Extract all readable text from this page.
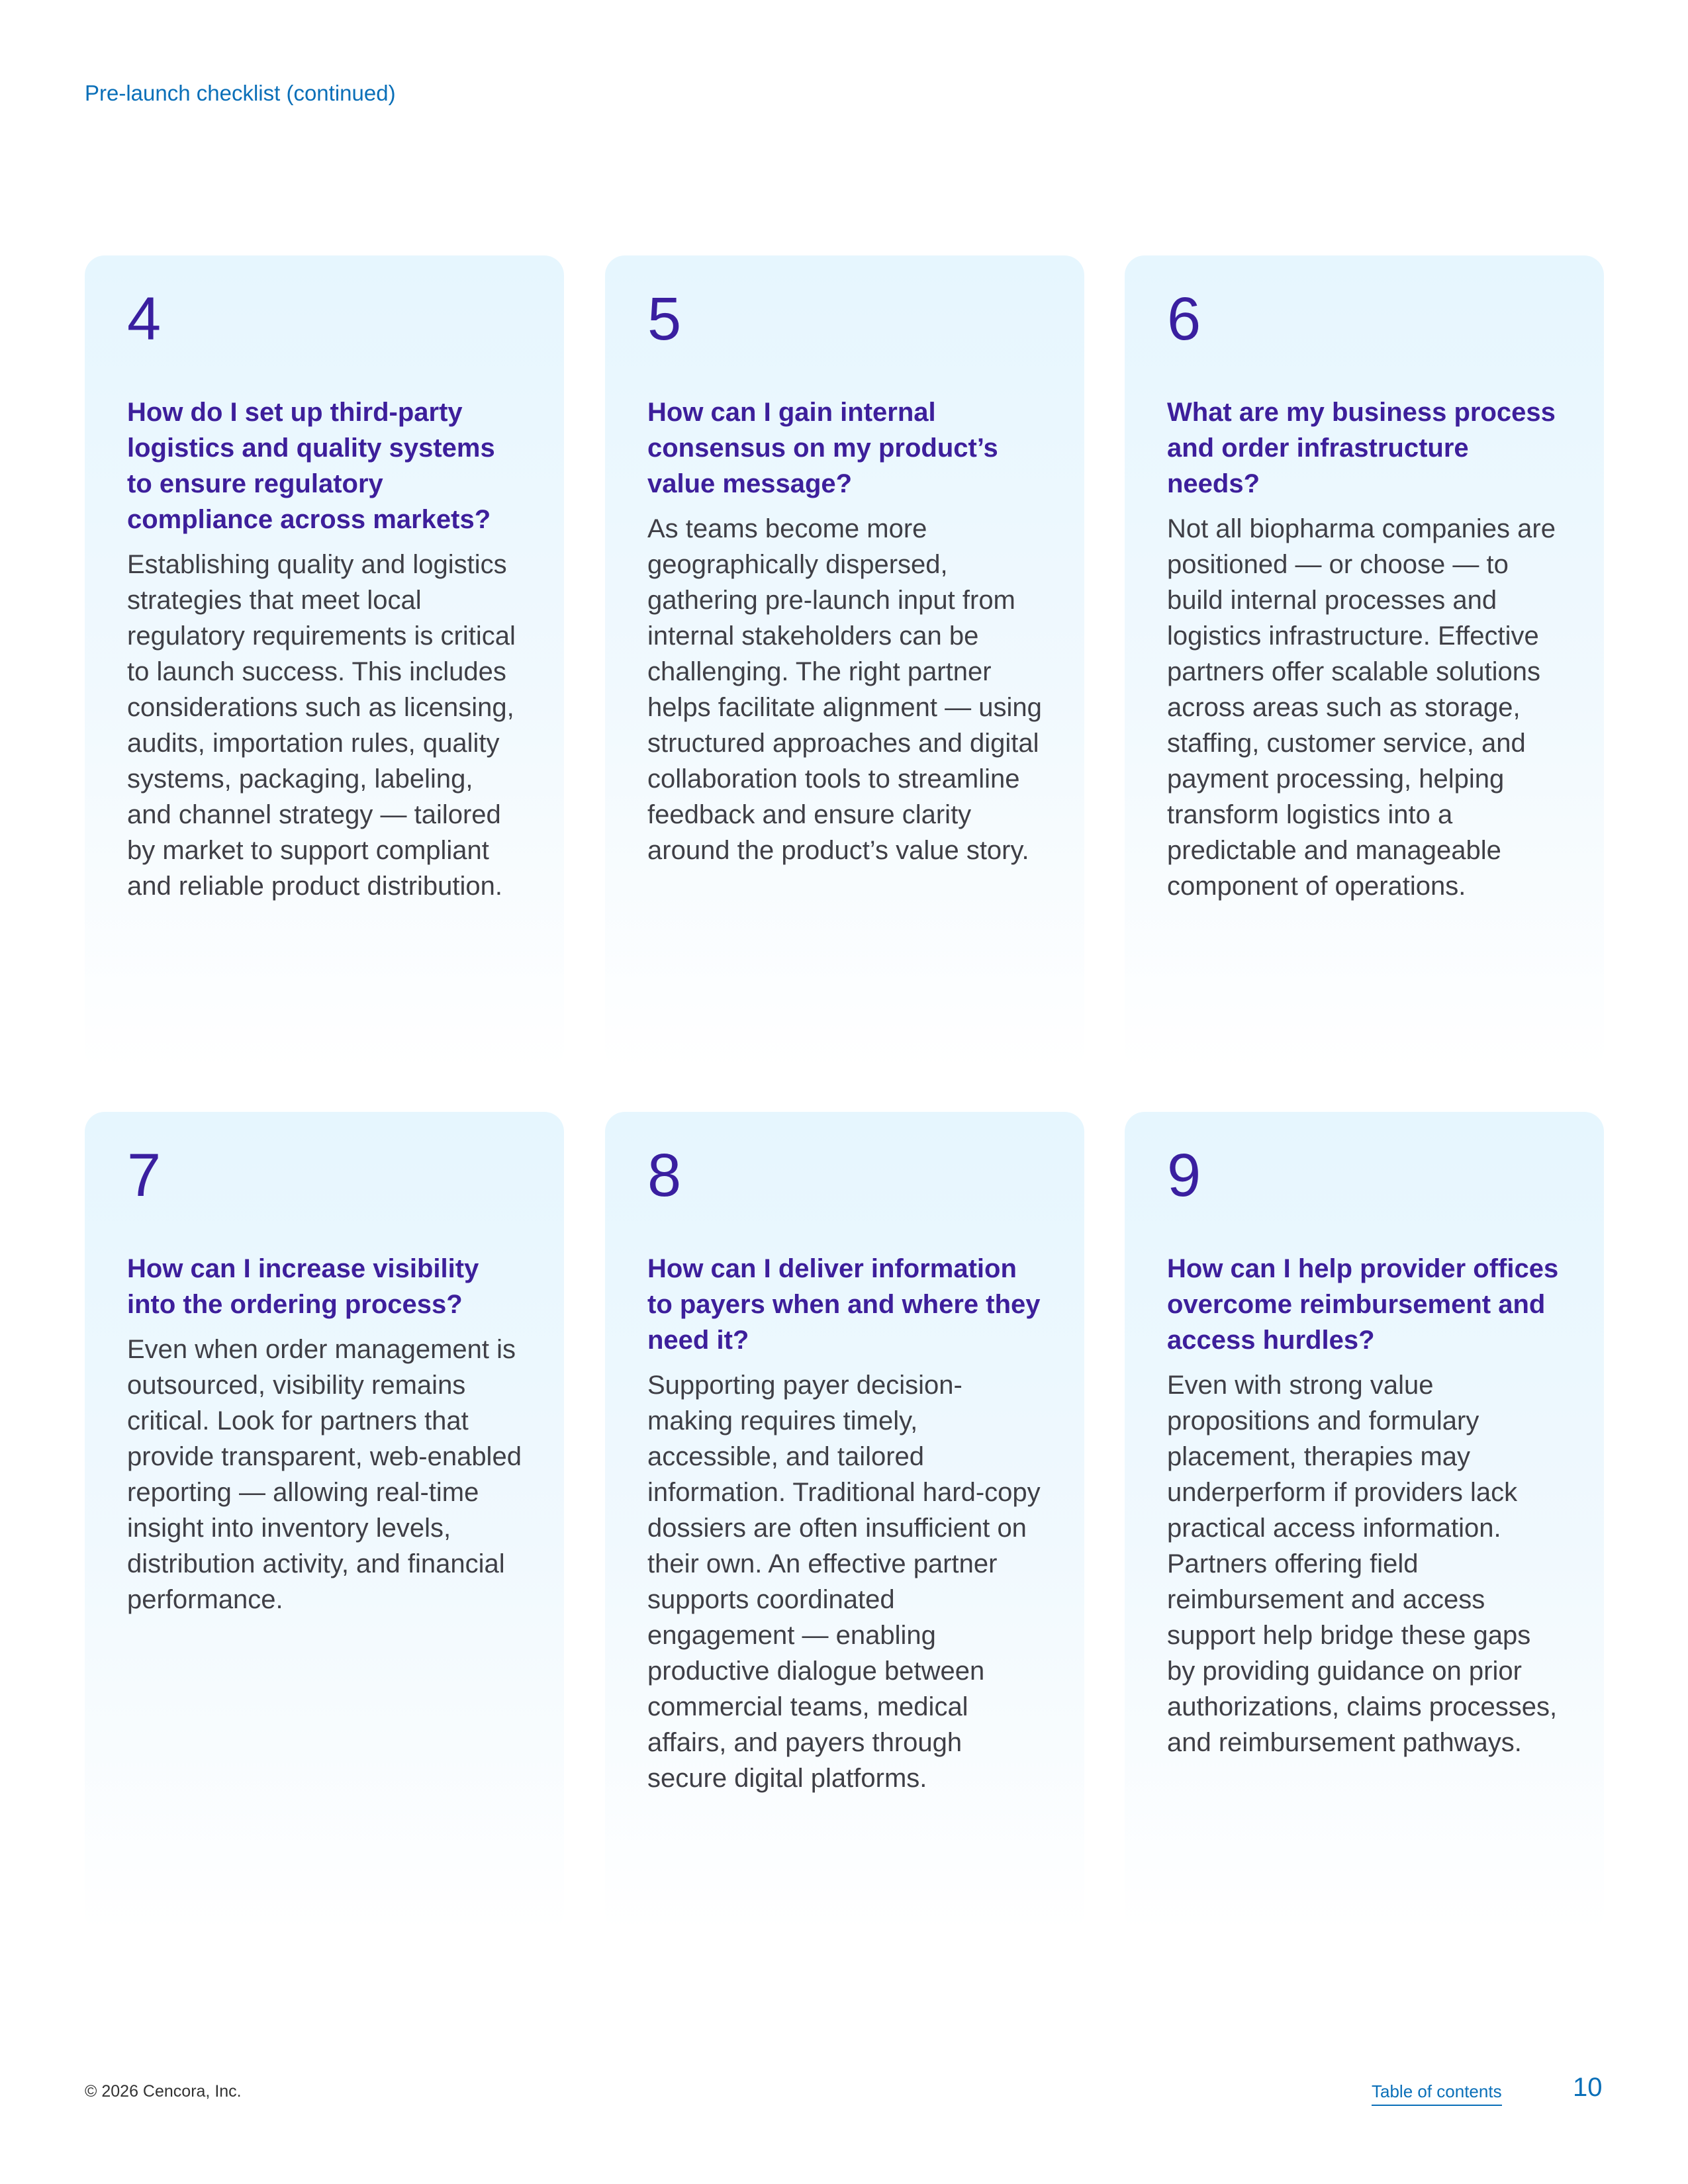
Pre-launch checklist (continued)

4
How do I set up third-party logistics and quality systems to ensure regulatory compliance across markets?

Establishing quality and logistics strategies that meet local regulatory requirements is critical to launch success. This includes considerations such as licensing, audits, importation rules, quality systems, packaging, labeling, and channel strategy — tailored by market to support compliant and reliable product distribution.

5
How can I gain internal consensus on my product’s value message?

As teams become more geographically dispersed, gathering pre-launch input from internal stakeholders can be challenging. The right partner helps facilitate alignment — using structured approaches and digital collaboration tools to streamline feedback and ensure clarity around the product’s value story.

6
What are my business process and order infrastructure needs?

Not all biopharma companies are positioned — or choose — to build internal processes and logistics infrastructure. Effective partners offer scalable solutions across areas such as storage, staffing, customer service, and payment processing, helping transform logistics into a predictable and manageable component of operations.

7
How can I increase visibility into the ordering process?

Even when order management is outsourced, visibility remains critical. Look for partners that provide transparent, web-enabled reporting — allowing real-time insight into inventory levels, distribution activity, and financial performance.

8
How can I deliver information to payers when and where they need it?

Supporting payer decision-making requires timely, accessible, and tailored information. Traditional hard-copy dossiers are often insufficient on their own. An effective partner supports coordinated engagement — enabling productive dialogue between commercial teams, medical affairs, and payers through secure digital platforms.

9
How can I help provider offices overcome reimbursement and access hurdles?

Even with strong value propositions and formulary placement, therapies may underperform if providers lack practical access information. Partners offering field reimbursement and access support help bridge these gaps by providing guidance on prior authorizations, claims processes, and reimbursement pathways.

© 2026 Cencora, Inc.	Table of contents	10
